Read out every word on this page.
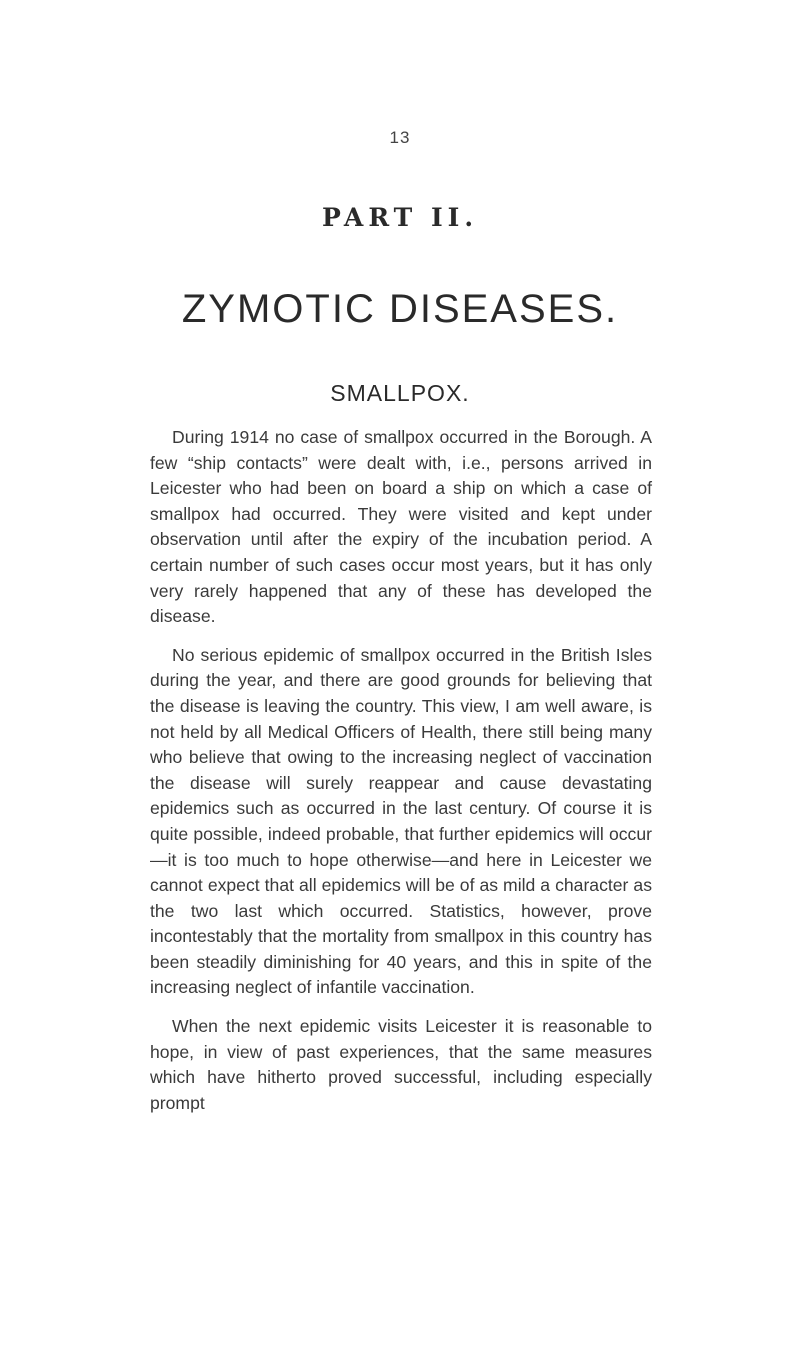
13
PART II.
ZYMOTIC DISEASES.
SMALLPOX.

During 1914 no case of smallpox occurred in the Borough. A few “ship contacts” were dealt with, i.e., persons arrived in Leicester who had been on board a ship on which a case of smallpox had occurred. They were visited and kept under observation until after the expiry of the incubation period. A certain number of such cases occur most years, but it has only very rarely happened that any of these has developed the disease.

No serious epidemic of smallpox occurred in the British Isles during the year, and there are good grounds for believing that the disease is leaving the country. This view, I am well aware, is not held by all Medical Officers of Health, there still being many who believe that owing to the increasing neglect of vaccination the disease will surely reappear and cause devastating epidemics such as occurred in the last century. Of course it is quite possible, indeed probable, that further epidemics will occur—it is too much to hope otherwise—and here in Leicester we cannot expect that all epidemics will be of as mild a character as the two last which occurred. Statistics, however, prove incontestably that the mortality from smallpox in this country has been steadily diminishing for 40 years, and this in spite of the increasing neglect of infantile vaccination.

When the next epidemic visits Leicester it is reasonable to hope, in view of past experiences, that the same measures which have hitherto proved successful, including especially prompt
